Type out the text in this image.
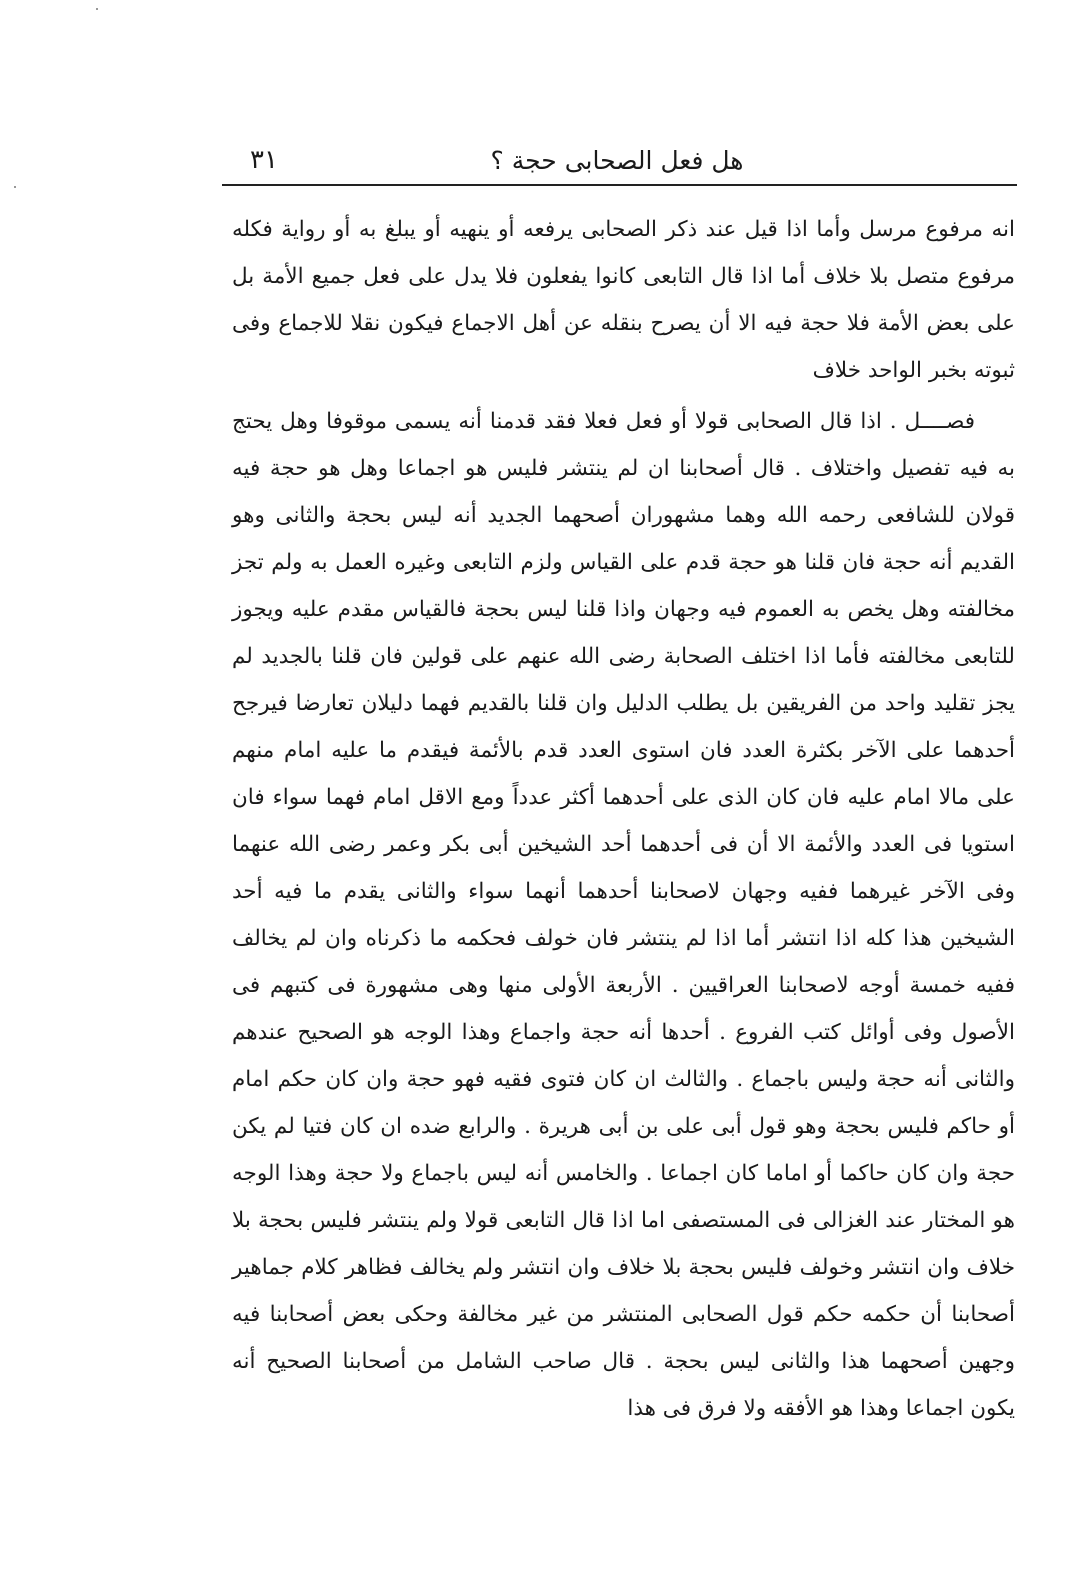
٣١	هل فعل الصحابى حجة ؟

انه مرفوع مرسل وأما اذا قيل عند ذكر الصحابى يرفعه أو ينهيه أو يبلغ به أو رواية فكله مرفوع متصل بلا خلاف أما اذا قال التابعى كانوا يفعلون فلا يدل على فعل جميع الأمة بل على بعض الأمة فلا حجة فيه الا أن يصرح بنقله عن أهل الاجماع فيكون نقلا للاجماع وفى ثبوته بخبر الواحد خلاف

فصــــل . اذا قال الصحابى قولا أو فعل فعلا فقد قدمنا أنه يسمى موقوفا وهل يحتج به فيه تفصيل واختلاف . قال أصحابنا ان لم ينتشر فليس هو اجماعا وهل هو حجة فيه قولان للشافعى رحمه الله وهما مشهوران أصحهما الجديد أنه ليس بحجة والثانى وهو القديم أنه حجة فان قلنا هو حجة قدم على القياس ولزم التابعى وغيره العمل به ولم تجز مخالفته وهل يخص به العموم فيه وجهان واذا قلنا ليس بحجة فالقياس مقدم عليه ويجوز للتابعى مخالفته فأما اذا اختلف الصحابة رضى الله عنهم على قولين فان قلنا بالجديد لم يجز تقليد واحد من الفريقين بل يطلب الدليل وان قلنا بالقديم فهما دليلان تعارضا فيرجح أحدهما على الآخر بكثرة العدد فان استوى العدد قدم بالأئمة فيقدم ما عليه امام منهم على مالا امام عليه فان كان الذى على أحدهما أكثر عدداً ومع الاقل امام فهما سواء فان استويا فى العدد والأئمة الا أن فى أحدهما أحد الشيخين أبى بكر وعمر رضى الله عنهما وفى الآخر غيرهما ففيه وجهان لاصحابنا أحدهما أنهما سواء والثانى يقدم ما فيه أحد الشيخين هذا كله اذا انتشر أما اذا لم ينتشر فان خولف فحكمه ما ذكرناه وان لم يخالف ففيه خمسة أوجه لاصحابنا العراقيين . الأربعة الأولى منها وهى مشهورة فى كتبهم فى الأصول وفى أوائل كتب الفروع . أحدها أنه حجة واجماع وهذا الوجه هو الصحيح عندهم والثانى أنه حجة وليس باجماع . والثالث ان كان فتوى فقيه فهو حجة وان كان حكم امام أو حاكم فليس بحجة وهو قول أبى على بن أبى هريرة . والرابع ضده ان كان فتيا لم يكن حجة وان كان حاكما أو اماما كان اجماعا . والخامس أنه ليس باجماع ولا حجة وهذا الوجه هو المختار عند الغزالى فى المستصفى اما اذا قال التابعى قولا ولم ينتشر فليس بحجة بلا خلاف وان انتشر وخولف فليس بحجة بلا خلاف وان انتشر ولم يخالف فظاهر كلام جماهير أصحابنا أن حكمه حكم قول الصحابى المنتشر من غير مخالفة وحكى بعض أصحابنا فيه وجهين أصحهما هذا والثانى ليس بحجة . قال صاحب الشامل من أصحابنا الصحيح أنه يكون اجماعا وهذا هو الأفقه ولا فرق فى هذا
